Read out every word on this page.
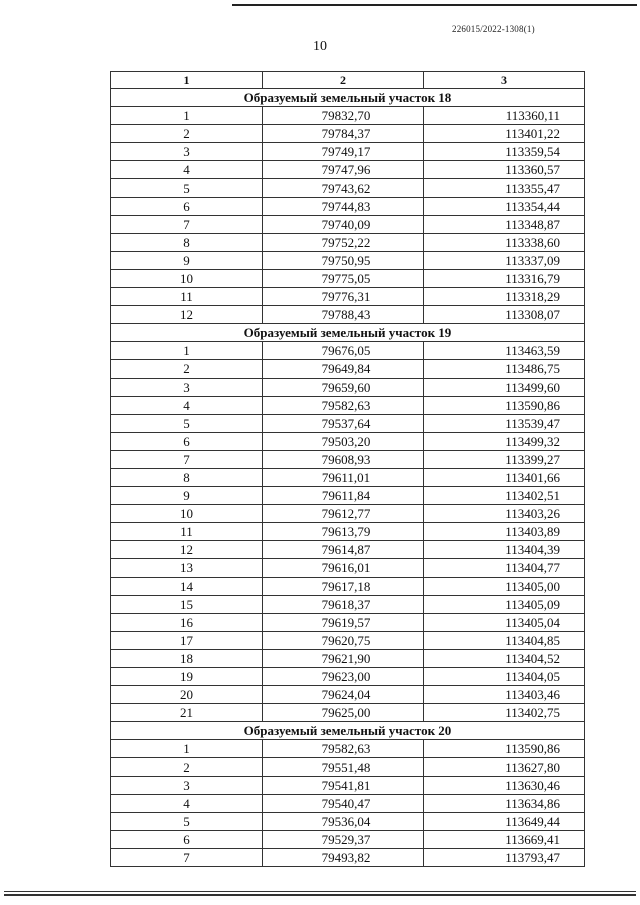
226015/2022-1308(1)
10
1	2	3
Образуемый земельный участок 18		
1	79832,70	113360,11
2	79784,37	113401,22
3	79749,17	113359,54
4	79747,96	113360,57
5	79743,62	113355,47
6	79744,83	113354,44
7	79740,09	113348,87
8	79752,22	113338,60
9	79750,95	113337,09
10	79775,05	113316,79
11	79776,31	113318,29
12	79788,43	113308,07
Образуемый земельный участок 19		
1	79676,05	113463,59
2	79649,84	113486,75
3	79659,60	113499,60
4	79582,63	113590,86
5	79537,64	113539,47
6	79503,20	113499,32
7	79608,93	113399,27
8	79611,01	113401,66
9	79611,84	113402,51
10	79612,77	113403,26
11	79613,79	113403,89
12	79614,87	113404,39
13	79616,01	113404,77
14	79617,18	113405,00
15	79618,37	113405,09
16	79619,57	113405,04
17	79620,75	113404,85
18	79621,90	113404,52
19	79623,00	113404,05
20	79624,04	113403,46
21	79625,00	113402,75
Образуемый земельный участок 20		
1	79582,63	113590,86
2	79551,48	113627,80
3	79541,81	113630,46
4	79540,47	113634,86
5	79536,04	113649,44
6	79529,37	113669,41
7	79493,82	113793,47
